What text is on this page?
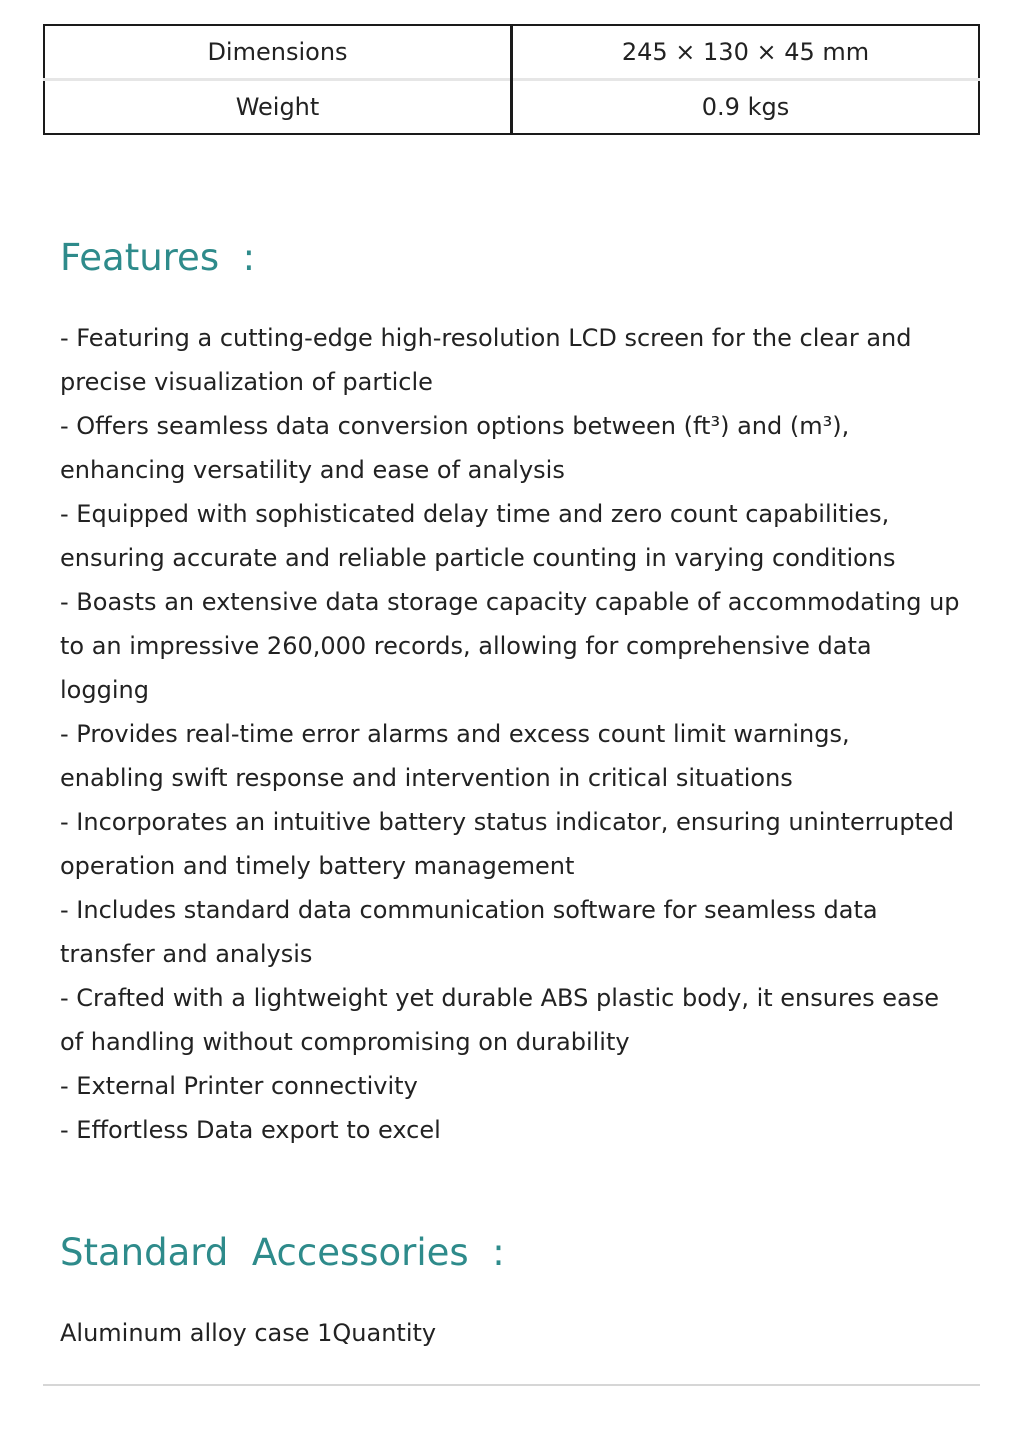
Dimensions	245 × 130 × 45 mm
Weight	0.9 kgs
Features  :
- Featuring a cutting-edge high-resolution LCD screen for the clear and precise visualization of particle
- Offers seamless data conversion options between (ft³) and (m³), enhancing versatility and ease of analysis
- Equipped with sophisticated delay time and zero count capabilities, ensuring accurate and reliable particle counting in varying conditions
- Boasts an extensive data storage capacity capable of accommodating up to an impressive 260,000 records, allowing for comprehensive data logging
- Provides real-time error alarms and excess count limit warnings, enabling swift response and intervention in critical situations
- Incorporates an intuitive battery status indicator, ensuring uninterrupted operation and timely battery management
- Includes standard data communication software for seamless data transfer and analysis
- Crafted with a lightweight yet durable ABS plastic body, it ensures ease of handling without compromising on durability
- External Printer connectivity
- Effortless Data export to excel
Standard  Accessories  :

Aluminum alloy case 1Quantity
